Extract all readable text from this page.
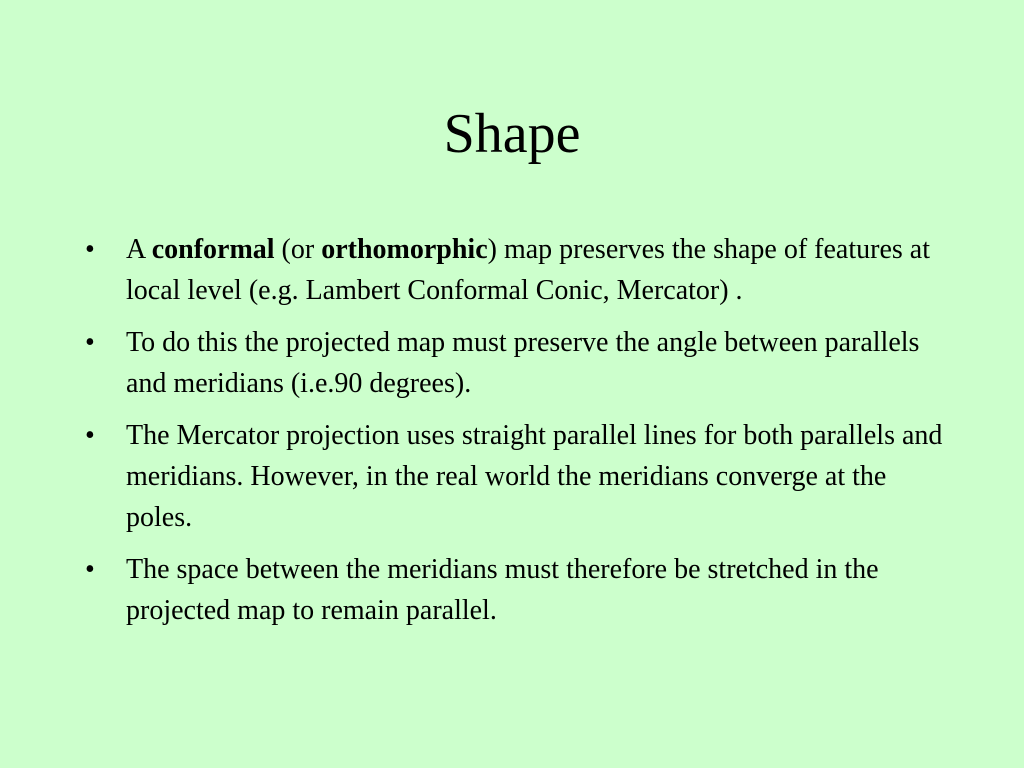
Shape
•	A conformal (or orthomorphic) map preserves the shape of features at local level (e.g. Lambert Conformal Conic, Mercator) .
•	To do this the projected map must preserve the angle between parallels and meridians (i.e.90 degrees).
•	The Mercator projection uses straight parallel lines for both parallels and meridians. However, in the real world the meridians converge at the poles.
•	The space between the meridians must therefore be stretched in the projected map to remain parallel.
